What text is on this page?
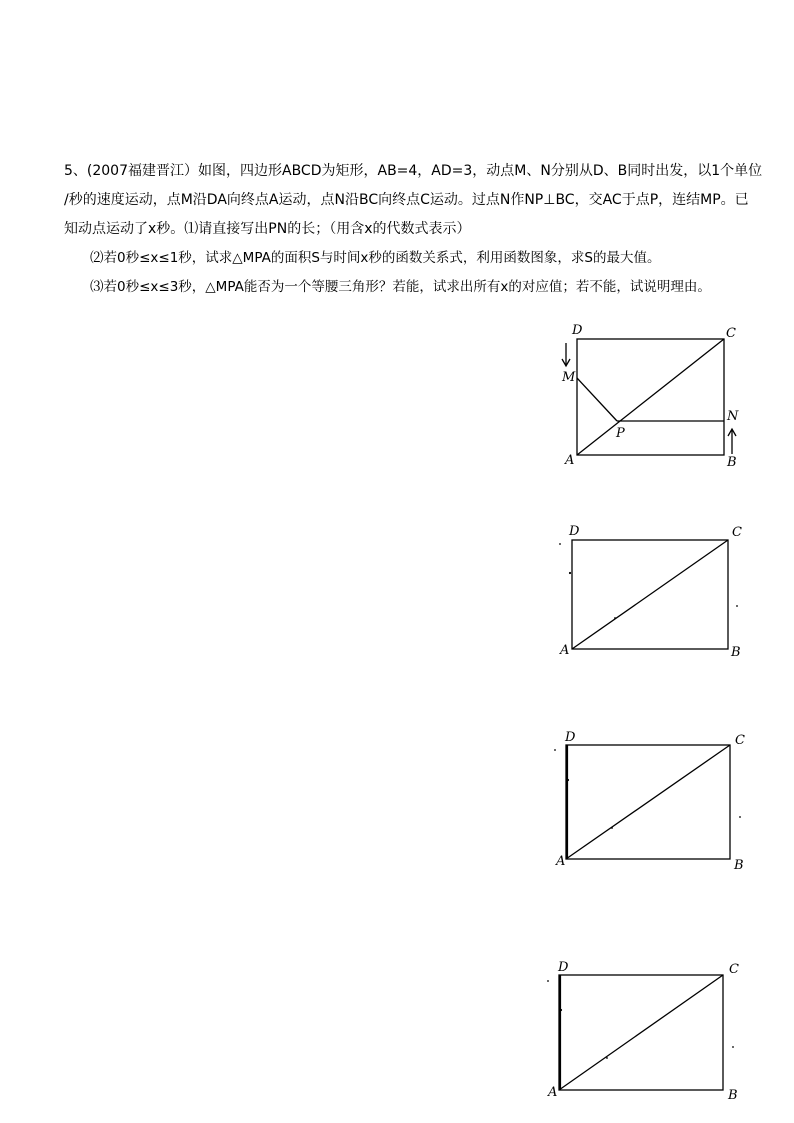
5、(2007福建晋江）如图，四边形ABCD为矩形，AB=4，AD=3，动点M、N分别从D、B同时出发，以1个单位
/秒的速度运动，点M沿DA向终点A运动，点N沿BC向终点C运动。过点N作NP⊥BC，交AC于点P，连结MP。已
知动点运动了x秒。⑴请直接写出PN的长；（用含x的代数式表示）
⑵若0秒≤x≤1秒，试求△MPA的面积S与时间x秒的函数关系式，利用函数图象，求S的最大值。
⑶若0秒≤x≤3秒，△MPA能否为一个等腰三角形？若能，试求出所有x的对应值；若不能，试说明理由。
D	C
M
N
P
A	B
D	C
A	B
D	C
A	B
D	C
A	B
